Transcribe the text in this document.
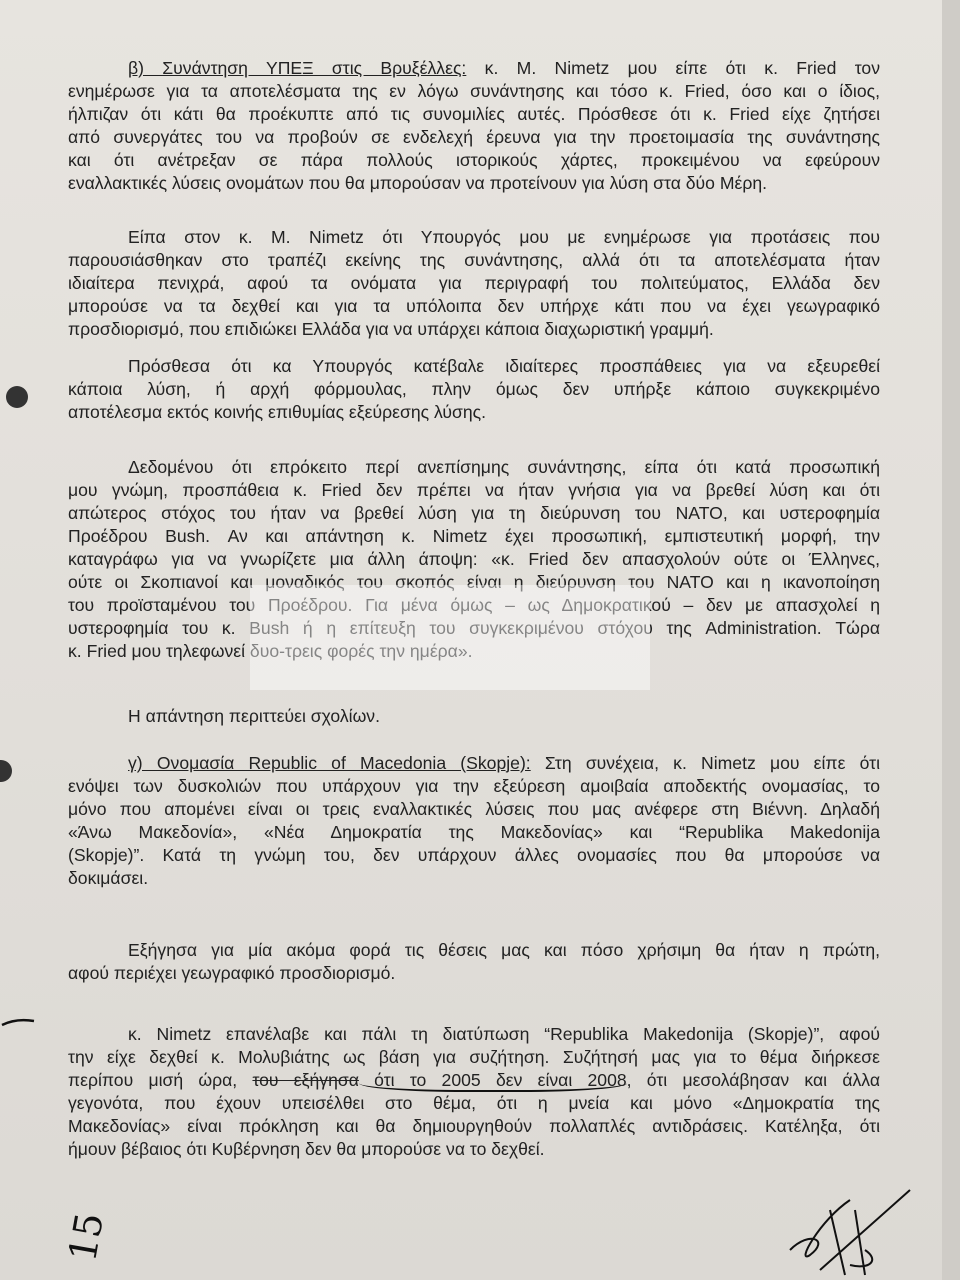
β) Συνάντηση ΥΠΕΞ στις Βρυξέλλες: κ. Μ. Nimetz μου είπε ότι κ. Fried τον
ενημέρωσε για τα αποτελέσματα της εν λόγω συνάντησης και τόσο κ. Fried, όσο και ο ίδιος,
ήλπιζαν ότι κάτι θα προέκυπτε από τις συνομιλίες αυτές. Πρόσθεσε ότι κ. Fried είχε ζητήσει
από συνεργάτες του να προβούν σε ενδελεχή έρευνα για την προετοιμασία της συνάντησης
και ότι ανέτρεξαν σε πάρα πολλούς ιστορικούς χάρτες, προκειμένου να εφεύρουν
εναλλακτικές λύσεις ονομάτων που θα μπορούσαν να προτείνουν για λύση στα δύο Μέρη.
Είπα στον κ. Μ. Nimetz ότι Υπουργός μου με ενημέρωσε για προτάσεις που
παρουσιάσθηκαν στο τραπέζι εκείνης της συνάντησης, αλλά ότι τα αποτελέσματα ήταν
ιδιαίτερα πενιχρά, αφού τα ονόματα για περιγραφή του πολιτεύματος, Ελλάδα δεν
μπορούσε να τα δεχθεί και για τα υπόλοιπα δεν υπήρχε κάτι που να έχει γεωγραφικό
προσδιορισμό, που επιδιώκει Ελλάδα για να υπάρχει κάποια διαχωριστική γραμμή.
Πρόσθεσα ότι κα Υπουργός κατέβαλε ιδιαίτερες προσπάθειες για να εξευρεθεί
κάποια λύση, ή αρχή φόρμουλας, πλην όμως δεν υπήρξε κάποιο συγκεκριμένο
αποτέλεσμα εκτός κοινής επιθυμίας εξεύρεσης λύσης.
Δεδομένου ότι επρόκειτο περί ανεπίσημης συνάντησης, είπα ότι κατά προσωπική
μου γνώμη, προσπάθεια κ. Fried δεν πρέπει να ήταν γνήσια για να βρεθεί λύση και ότι
απώτερος στόχος του ήταν να βρεθεί λύση για τη διεύρυνση του ΝΑΤΟ, και υστεροφημία
Προέδρου Bush. Αν και απάντηση κ. Nimetz έχει προσωπική, εμπιστευτική μορφή, την
καταγράφω για να γνωρίζετε μια άλλη άποψη: «κ. Fried δεν απασχολούν ούτε οι Έλληνες,
ούτε οι Σκοπιανοί και μοναδικός του σκοπός είναι η διεύρυνση του ΝΑΤΟ και η ικανοποίηση
του προϊσταμένου του Προέδρου. Για μένα όμως – ως Δημοκρατικού – δεν με απασχολεί η
υστεροφημία του κ. Bush ή η επίτευξη του συγκεκριμένου στόχου της Administration. Τώρα
κ. Fried μου τηλεφωνεί δυο-τρεις φορές την ημέρα».
Η απάντηση περιττεύει σχολίων.
γ) Ονομασία Republic of Macedonia (Skopje): Στη συνέχεια, κ. Nimetz μου είπε ότι
ενόψει των δυσκολιών που υπάρχουν για την εξεύρεση αμοιβαία αποδεκτής ονομασίας, το
μόνο που απομένει είναι οι τρεις εναλλακτικές λύσεις που μας ανέφερε στη Βιέννη. Δηλαδή
«Άνω Μακεδονία», «Νέα Δημοκρατία της Μακεδονίας» και “Republika Makedonija
(Skopje)”. Κατά τη γνώμη του, δεν υπάρχουν άλλες ονομασίες που θα μπορούσε να
δοκιμάσει.
Εξήγησα για μία ακόμα φορά τις θέσεις μας και πόσο χρήσιμη θα ήταν η πρώτη,
αφού περιέχει γεωγραφικό προσδιορισμό.
κ. Nimetz επανέλαβε και πάλι τη διατύπωση “Republika Makedonija (Skopje)”, αφού
την είχε δεχθεί κ. Μολυβιάτης ως βάση για συζήτηση. Συζήτησή μας για το θέμα διήρκεσε
περίπου μισή ώρα, του εξήγησα ότι το 2005 δεν είναι 2008, ότι μεσολάβησαν και άλλα
γεγονότα, που έχουν υπεισέλθει στο θέμα, ότι η μνεία και μόνο «Δημοκρατία της
Μακεδονίας» είναι πρόκληση και θα δημιουργηθούν πολλαπλές αντιδράσεις. Κατέληξα, ότι
ήμουν βέβαιος ότι Κυβέρνηση δεν θα μπορούσε να το δεχθεί.
15
